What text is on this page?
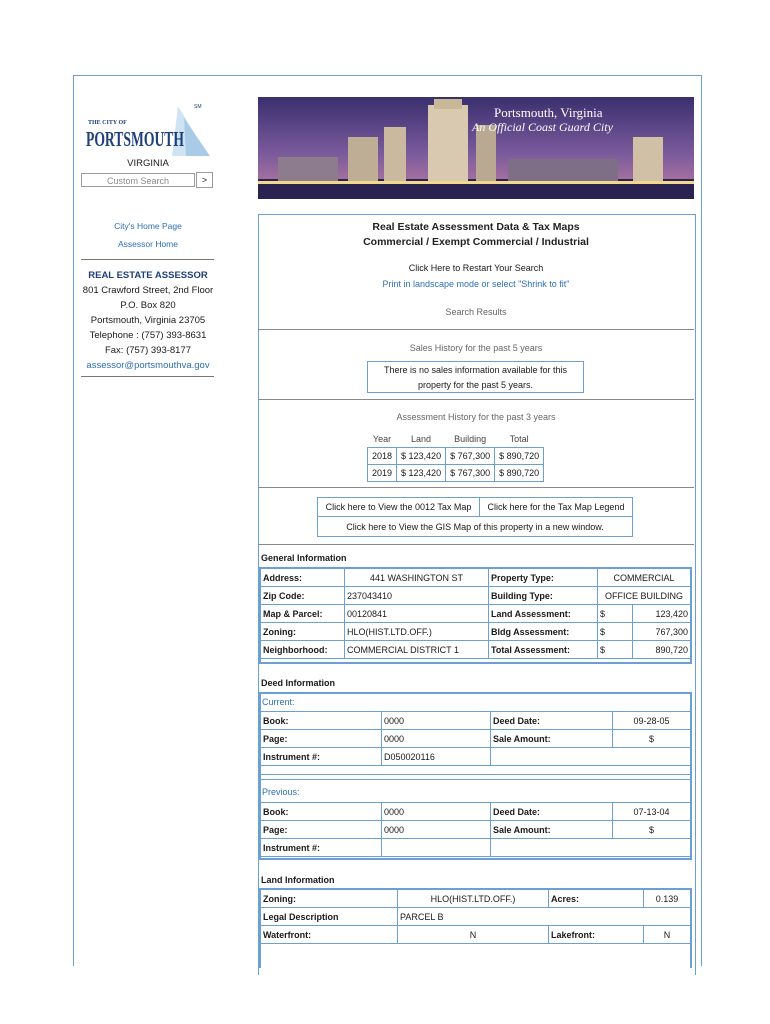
SM
THE CITY OF
PORTSMOUTH
VIRGINIA
Custom Search	>
City's Home Page
Assessor Home
REAL ESTATE ASSESSOR
801 Crawford Street, 2nd Floor
P.O. Box 820
Portsmouth, Virginia 23705
Telephone : (757) 393-8631
Fax: (757) 393-8177
assessor@portsmouthva.gov
Portsmouth, Virginia
An Official Coast Guard City
Real Estate Assessment Data & Tax Maps
Commercial / Exempt Commercial / Industrial
Click Here to Restart Your Search
Print in landscape mode or select "Shrink to fit"
Search Results
Sales History for the past 5 years
There is no sales information available for this property for the past 5 years.
Assessment History for the past 3 years
Year	Land	Building	Total
2018	$ 123,420	$ 767,300	$ 890,720
2019	$ 123,420	$ 767,300	$ 890,720
Click here to View the 0012 Tax Map	Click here for the Tax Map Legend
Click here to View the GIS Map of this property in a new window.
General Information
Address:	441 WASHINGTON ST	Property Type:	COMMERCIAL	
Zip Code:	237043410	Building Type:	OFFICE BUILDING	
Map & Parcel:	00120841	Land Assessment:	$	123,420
Zoning:	HLO(HIST.LTD.OFF.)	Bldg Assessment:	$	767,300
Neighborhood:	COMMERCIAL DISTRICT 1	Total Assessment:	$	890,720
Deed Information
Current:
Book:	0000	Deed Date:	09-28-05
Page:	0000	Sale Amount:	$
Instrument #:	D050020116		
Previous:
Book:	0000	Deed Date:	07-13-04
Page:	0000	Sale Amount:	$
Instrument #:			
Land Information
Zoning:	HLO(HIST.LTD.OFF.)	Acres:	0.139
Legal Description	PARCEL B		
Waterfront:	N	Lakefront:	N
